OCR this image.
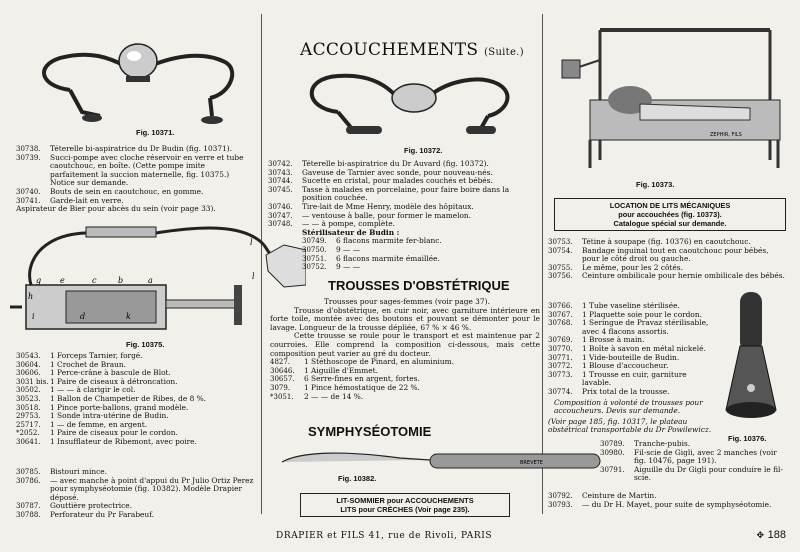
ACCOUCHEMENTS (Suite.)
Fig. 10371.
30738.	Téterelle bi-aspiratrice du Dr Budin (fig. 10371).
30739.	Succi-pompe avec cloche réservoir en verre et tube caoutchouc, en boîte. (Cette pompe imite parfaitement la succion maternelle, fig. 10375.) Notice sur demande.
30740.	Bouts de sein en caoutchouc, en gomme.
30741.	Garde-lait en verre.
Aspirateur de Bier pour abcès du sein (voir page 33).
g e	c	b	a
h
i	d	k
l
l
Fig. 10375.
30543.	1 Forceps Tarnier, forgé.
30604.	1 Crochet de Braun.
30606.	1 Perce-crâne à bascule de Blot.
3031 bis. 1 Paire de ciseaux à détroncation.
30502.	1 — — à clarigir le col.
30523.	1 Ballon de Champetier de Ribes, de 8 %.
30518.	1 Pince porte-ballons, grand modèle.
29753.	1 Sonde intra-utérine de Budin.
25717.	1 — de femme, en argent.
*2052.	1 Paire de ciseaux pour le cordon.
30641.	1 Insufflateur de Ribemont, avec poire.
30785.	Bistouri mince.
30786.	— avec manche à point d'appui du Pr Julio Ortiz Perez pour symphyséotomie (fig. 10382). Modèle Drapier déposé.
30787.	Gouttière protectrice.
30788.	Perforateur du Pr Farabeuf.
Fig. 10372.
30742.	Téterelle bi-aspiratrice du Dr Auvard (fig. 10372).
30743.	Gaveuse de Tarnier avec sonde, pour nouveau-nés.
30744.	Sucette en cristal, pour malades couchés et bébés.
30745.	Tasse à malades en porcelaine, pour faire boire dans la position couchée.
30746.	Tire-lait de Mme Henry, modèle des hôpitaux.
30747.	— ventouse à balle, pour former le mamelon.
30748.	— — à pompe, complète.
Stérilisateur de Budin :
30749.	6 flacons marmite fer-blanc.
30750.	9 — —
30751.	6 flacons marmite émaillée.
30752.	9 — —
TROUSSES D'OBSTÉTRIQUE
Trousses pour sages-femmes (voir page 37).
Trousse d'obstétrique, en cuir noir, avec garniture intérieure en forte toile, montée avec des boutons et pouvant se démonter pour le lavage. Longueur de la trousse dépliée, 67 % × 46 %.
Cette trousse se roule pour le transport et est maintenue par 2 courroies. Elle comprend la composition ci-dessous, mais cette composition peut varier au gré du docteur.
4827.	1 Stéthoscope de Pinard, en aluminium.
30646.	1 Aiguille d'Emmet.
30657.	6 Serre-fines en argent, fortes.
3079.	1 Pince hémostatique de 22 %.
*3051.	2 — — de 14 %.
SYMPHYSÉOTOMIE
BREVETE
Fig. 10382.
LIT-SOMMIER pour ACCOUCHEMENTS
LITS pour CRÈCHES (Voir page 235).
ZEPHIR, FILS
Fig. 10373.
LOCATION DE LITS MÉCANIQUES
pour accouchées (fig. 10373).
Catalogue spécial sur demande.
30753.	Tétine à soupape (fig. 10376) en caoutchouc.
30754.	Bandage inguinal tout en caoutchouc pour bébés, pour le côté droit ou gauche.
30755.	Le même, pour les 2 côtés.
30756.	Ceinture ombilicale pour hernie ombilicale des bébés.
30766.	1 Tube vaseline stérilisée.
30767.	1 Plaquette soie pour le cordon.
30768.	1 Seringue de Pravaz stérilisable, avec 4 flacons assortis.
30769.	1 Brosse à main.
30770.	1 Boîte à savon en métal nickelé.
30771.	1 Vide-bouteille de Budin.
30772.	1 Blouse d'accoucheur.
30773.	1 Trousse en cuir, garniture lavable.
30774.	Prix total de la trousse.
Composition à volonté de trousses pour accoucheurs. Devis sur demande.
(Voir page 185, fig. 10317, le plateau obstétrical transportable du Dr Powilewicz.
Fig. 10376.
30789.	Tranche-pubis.
30980.	Fil-scie de Gigli, avec 2 manches (voir fig. 10476, page 191).
30791.	Aiguille du Dr Gigli pour conduire le fil-scie.
30792.	Ceinture de Martin.
30793.	— du Dr H. Mayet, pour suite de symphyséotomie.
DRAPIER et FILS 41, rue de Rivoli, PARIS	✥ 188
